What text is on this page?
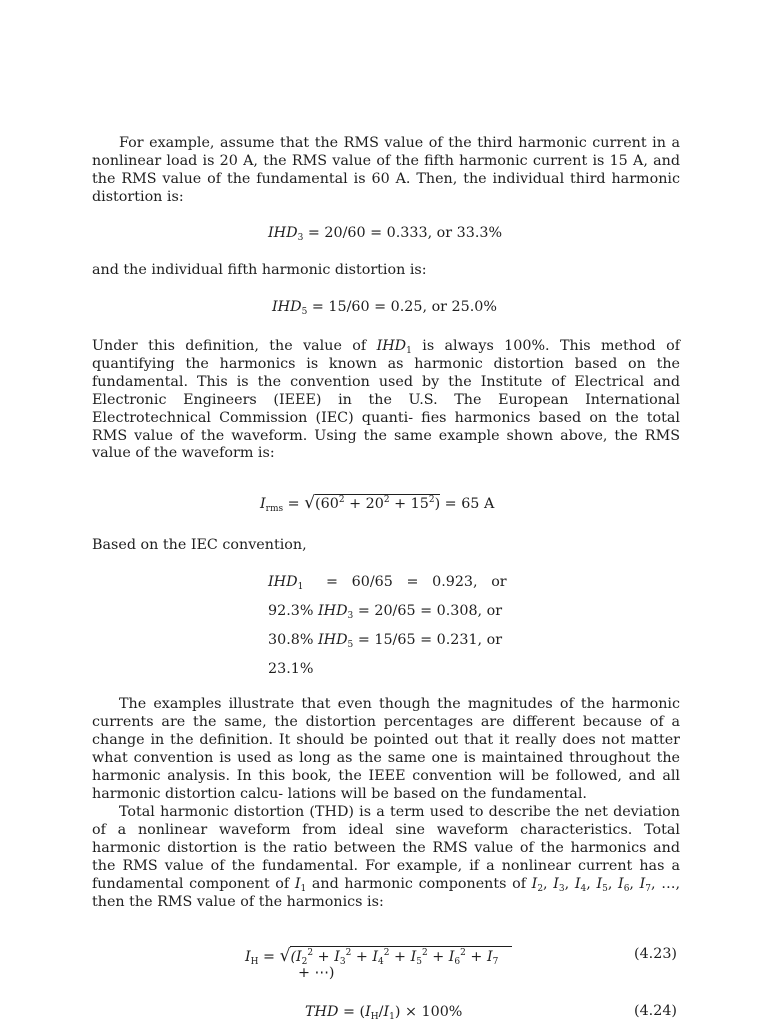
For example, assume that the RMS value of the third harmonic current in a nonlinear load is 20 A, the RMS value of the fifth harmonic current is 15 A, and the RMS value of the fundamental is 60 A. Then, the individual third harmonic distortion is:

$IHD_3 = 20/60 = 0.333$, or 33.3%

and the individual fifth harmonic distortion is:

$IHD_5 = 15/60 = 0.25$, or 25.0%

Under this definition, the value of $IHD_1$ is always 100%. This method of quantifying the harmonics is known as harmonic distortion based on the fundamental. This is the convention used by the Institute of Electrical and Electronic Engineers (IEEE) in the U.S. The European International Electrotechnical Commission (IEC) quanti- fies harmonics based on the total RMS value of the waveform. Using the same example shown above, the RMS value of the waveform is:

$I_{rms} = √(60^2 + 20^2 + 15^2) = 65$ A

Based on the IEC convention,

$IHD_1$     =   60/65   =   0.923,   or
92.3% $IHD_3 = 20/65 = 0.308$, or
30.8% $IHD_5 = 15/65 = 0.231$, or
23.1%

The examples illustrate that even though the magnitudes of the harmonic currents are the same, the distortion percentages are different because of a change in the definition. It should be pointed out that it really does not matter what convention is used as long as the same one is maintained throughout the harmonic analysis. In this book, the IEEE convention will be followed, and all harmonic distortion calcu- lations will be based on the fundamental.

Total harmonic distortion (THD) is a term used to describe the net deviation of a nonlinear waveform from ideal sine waveform characteristics. Total harmonic distortion is the ratio between the RMS value of the harmonics and the RMS value of the fundamental. For example, if a nonlinear current has a fundamental component of $I_1$ and harmonic components of $I_2$, $I_3$, $I_4$, $I_5$, $I_6$, $I_7$, …, then the RMS value of the harmonics is:

$I_H = √(I_2^2 + I_3^2 + I_4^2 + I_5^2 + I_6^2 + I_7$
+ ⋯)
(4.23)
THD = $(I_H/I_1) \times 100\%$	(4.24)
